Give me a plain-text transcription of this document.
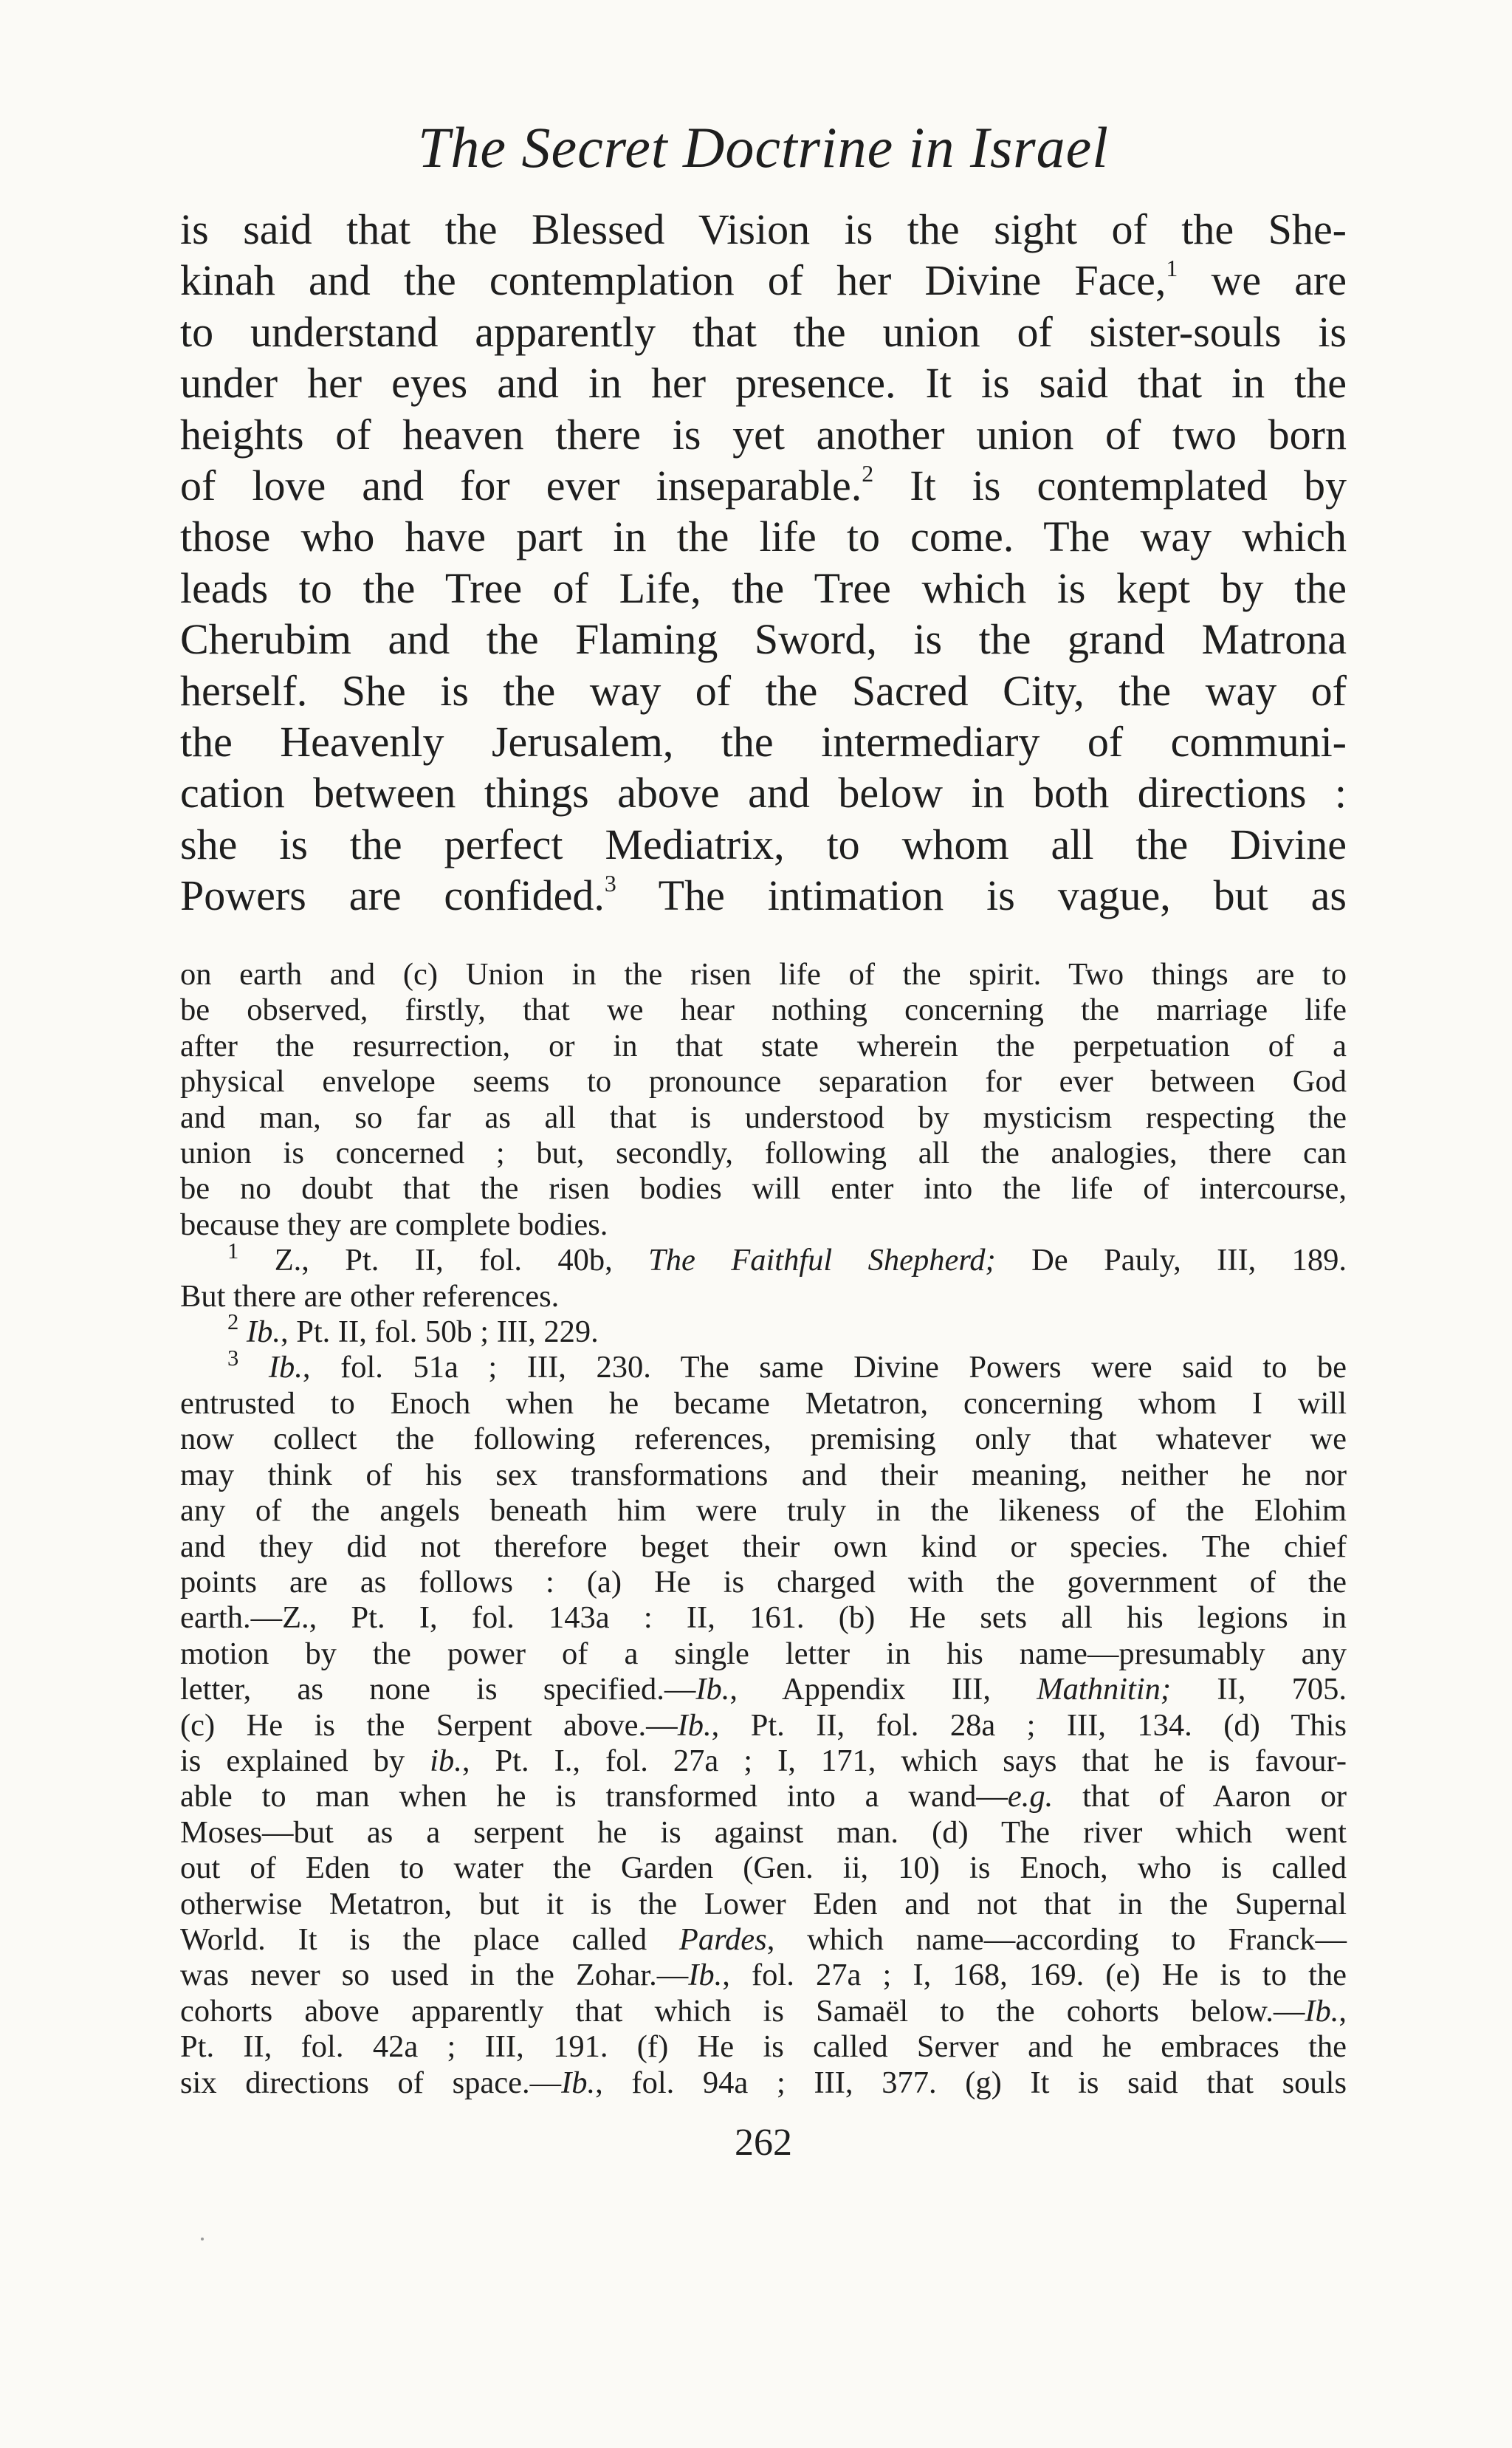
The Secret Doctrine in Israel
is said that the Blessed Vision is the sight of the She-
kinah and the contemplation of her Divine Face,$^1$ we are
to understand apparently that the union of sister-souls is
under her eyes and in her presence. It is said that in the
heights of heaven there is yet another union of two born
of love and for ever inseparable.$^2$ It is contemplated by
those who have part in the life to come. The way which
leads to the Tree of Life, the Tree which is kept by the
Cherubim and the Flaming Sword, is the grand Matrona
herself. She is the way of the Sacred City, the way of
the Heavenly Jerusalem, the intermediary of communi-
cation between things above and below in both directions :
she is the perfect Mediatrix, to whom all the Divine
Powers are confided.$^3$ The intimation is vague, but as
on earth and (c) Union in the risen life of the spirit. Two things are to
be observed, firstly, that we hear nothing concerning the marriage life
after the resurrection, or in that state wherein the perpetuation of a
physical envelope seems to pronounce separation for ever between God
and man, so far as all that is understood by mysticism respecting the
union is concerned ; but, secondly, following all the analogies, there can
be no doubt that the risen bodies will enter into the life of intercourse,
because they are complete bodies.
$^1$ Z., Pt. II, fol. 40b, The Faithful Shepherd; De Pauly, III, 189.
But there are other references.
$^2$ Ib., Pt. II, fol. 50b ; III, 229.
$^3$ Ib., fol. 51a ; III, 230. The same Divine Powers were said to be
entrusted to Enoch when he became Metatron, concerning whom I will
now collect the following references, premising only that whatever we
may think of his sex transformations and their meaning, neither he nor
any of the angels beneath him were truly in the likeness of the Elohim
and they did not therefore beget their own kind or species. The chief
points are as follows : (a) He is charged with the government of the
earth.—Z., Pt. I, fol. 143a : II, 161. (b) He sets all his legions in
motion by the power of a single letter in his name—presumably any
letter, as none is specified.—Ib., Appendix III, Mathnitin; II, 705.
(c) He is the Serpent above.—Ib., Pt. II, fol. 28a ; III, 134. (d) This
is explained by ib., Pt. I., fol. 27a ; I, 171, which says that he is favour-
able to man when he is transformed into a wand—e.g. that of Aaron or
Moses—but as a serpent he is against man. (d) The river which went
out of Eden to water the Garden (Gen. ii, 10) is Enoch, who is called
otherwise Metatron, but it is the Lower Eden and not that in the Supernal
World. It is the place called Pardes, which name—according to Franck—
was never so used in the Zohar.—Ib., fol. 27a ; I, 168, 169. (e) He is to the
cohorts above apparently that which is Samaël to the cohorts below.—Ib.,
Pt. II, fol. 42a ; III, 191. (f) He is called Server and he embraces the
six directions of space.—Ib., fol. 94a ; III, 377. (g) It is said that souls
262
